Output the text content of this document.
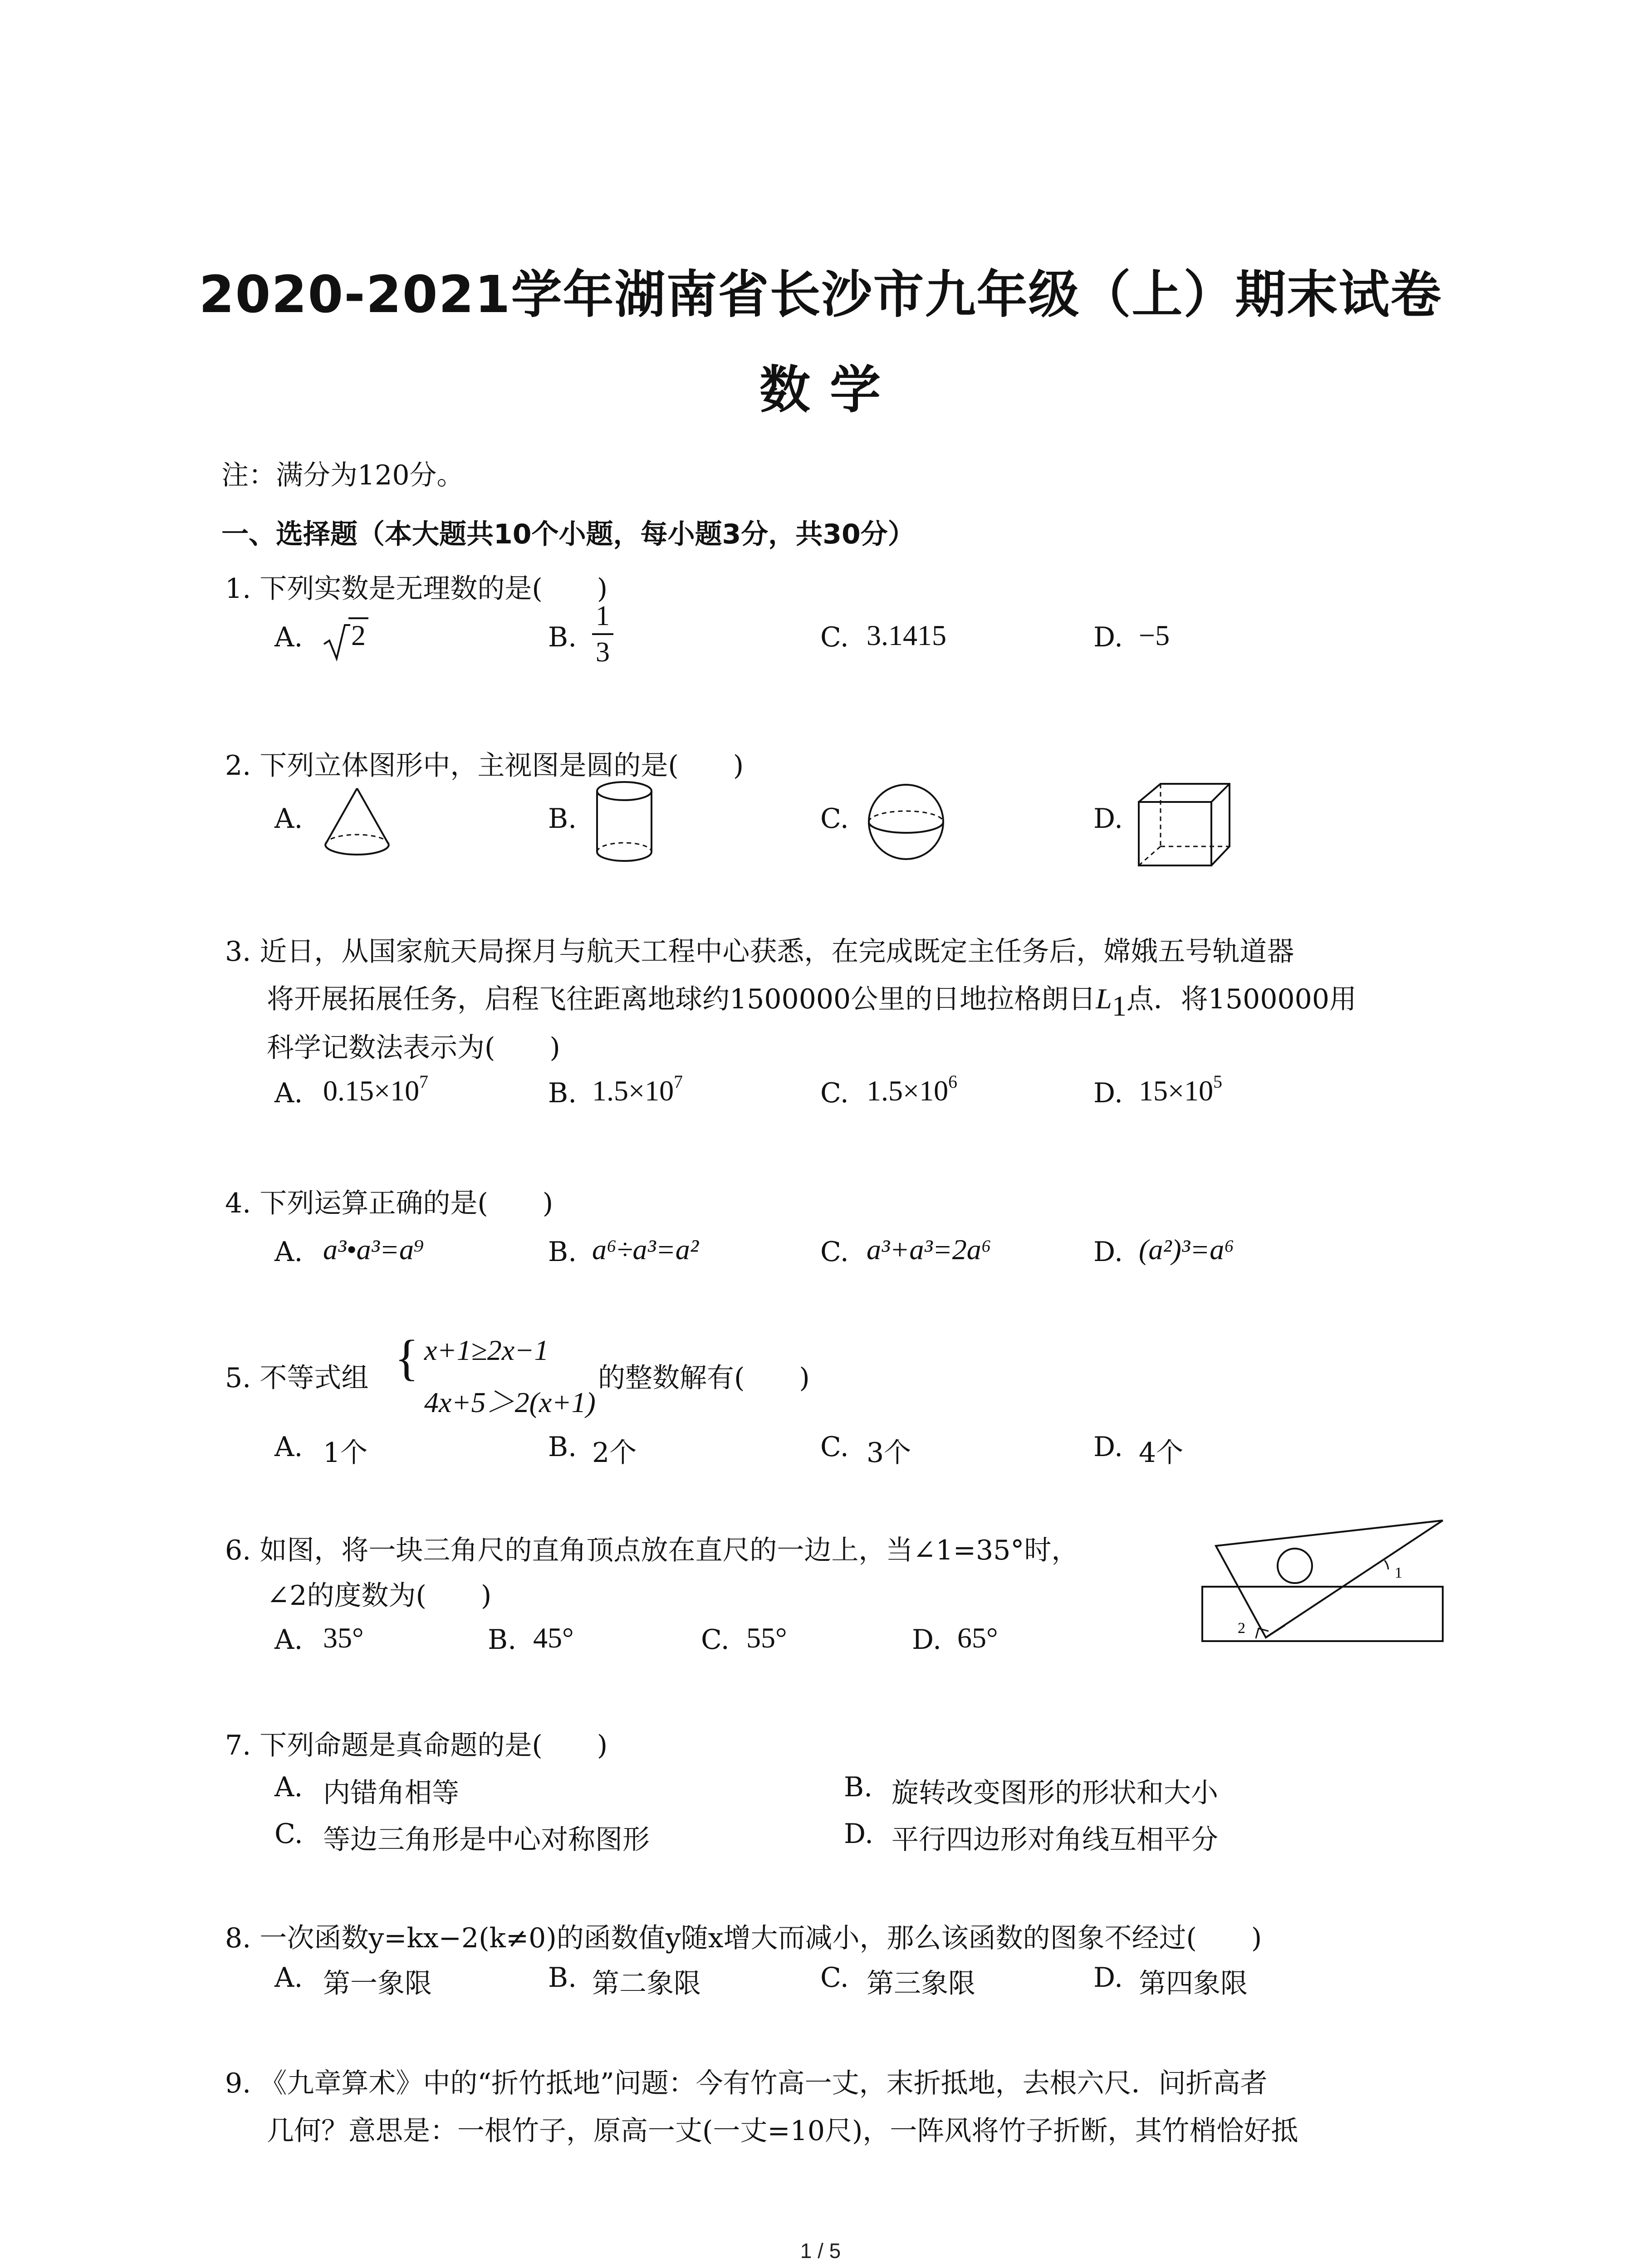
2020-2021学年湖南省长沙市九年级（上）期末试卷
数 学
注：满分为120分。
一、选择题（本大题共10个小题，每小题3分，共30分）
1. 下列实数是无理数的是(　　)
A.	2	B. $\frac{1}{3}$	C. 3.1415	D. −5
2. 下列立体图形中，主视图是圆的是(　　)
A.	B.	C.	D.
3. 近日，从国家航天局探月与航天工程中心获悉，在完成既定主任务后，嫦娥五号轨道器
将开展拓展任务，启程飞往距离地球约1500000公里的日地拉格朗日$L_1$点．将1500000用
科学记数法表示为(　　)
A. $0.15\times 10^7$	B. $1.5\times 10^7$	C. $1.5\times 10^6$	D. $15\times 10^5$
4. 下列运算正确的是(　　)
A. a³•a³=a⁹	B. a⁶÷a³=a²	C. a³+a³=2a⁶	D. (a²)³=a⁶
5. 不等式组 { x+1≥2x−1
4x+5＞2(x+1)
的整数解有(　　)
A. 1个	B. 2个	C. 3个	D. 4个
6. 如图，将一块三角尺的直角顶点放在直尺的一边上，当∠1=35°时，
∠2的度数为(　　)
1
2
A. 35°	B. 45°	C. 55°	D. 65°
7. 下列命题是真命题的是(　　)
A. 内错角相等	B. 旋转改变图形的形状和大小
C. 等边三角形是中心对称图形	D. 平行四边形对角线互相平分
8. 一次函数y=kx−2(k≠0)的函数值y随x增大而减小，那么该函数的图象不经过(　　)
A. 第一象限	B. 第二象限	C. 第三象限	D. 第四象限
9. 《九章算术》中的“折竹抵地”问题：今有竹高一丈，末折抵地，去根六尺．问折高者
几何？意思是：一根竹子，原高一丈(一丈=10尺)，一阵风将竹子折断，其竹梢恰好抵
1 / 5
